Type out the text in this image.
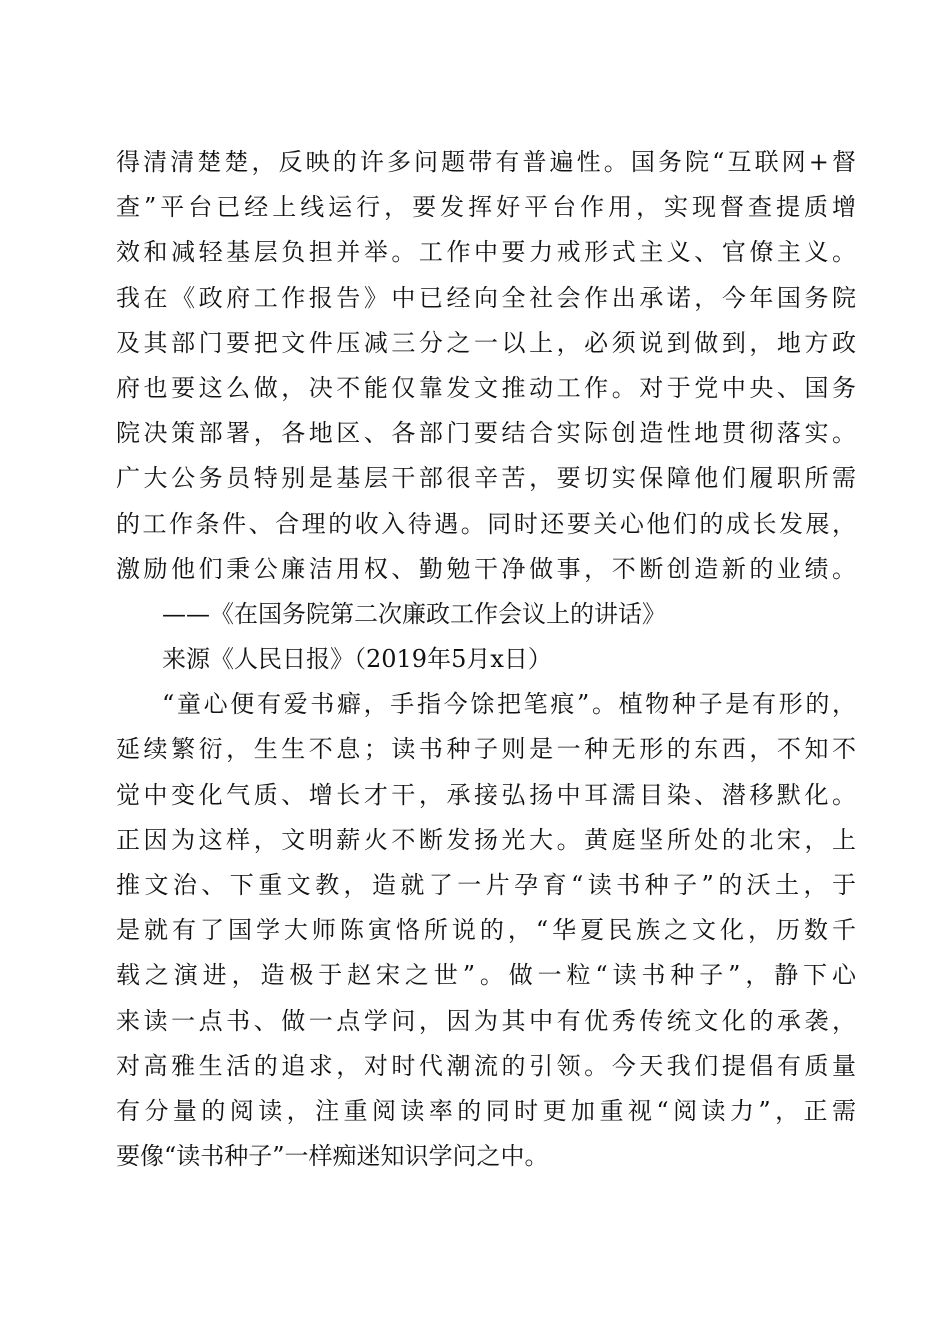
得清清楚楚，反映的许多问题带有普遍性。国务院“互联网+督
查”平台已经上线运行，要发挥好平台作用，实现督查提质增
效和减轻基层负担并举。工作中要力戒形式主义、官僚主义。
我在《政府工作报告》中已经向全社会作出承诺，今年国务院
及其部门要把文件压减三分之一以上，必须说到做到，地方政
府也要这么做，决不能仅靠发文推动工作。对于党中央、国务
院决策部署，各地区、各部门要结合实际创造性地贯彻落实。
广大公务员特别是基层干部很辛苦，要切实保障他们履职所需
的工作条件、合理的收入待遇。同时还要关心他们的成长发展，
激励他们秉公廉洁用权、勤勉干净做事，不断创造新的业绩。
——《在国务院第二次廉政工作会议上的讲话》
来源《人民日报》（2019年5月x日）
“童心便有爱书癖，手指今馀把笔痕”。植物种子是有形的，
延续繁衍，生生不息；读书种子则是一种无形的东西，不知不
觉中变化气质、增长才干，承接弘扬中耳濡目染、潜移默化。
正因为这样，文明薪火不断发扬光大。黄庭坚所处的北宋，上
推文治、下重文教，造就了一片孕育“读书种子”的沃土，于
是就有了国学大师陈寅恪所说的，“华夏民族之文化，历数千
载之演进，造极于赵宋之世”。做一粒“读书种子”，静下心
来读一点书、做一点学问，因为其中有优秀传统文化的承袭，
对高雅生活的追求，对时代潮流的引领。今天我们提倡有质量
有分量的阅读，注重阅读率的同时更加重视“阅读力”，正需
要像“读书种子”一样痴迷知识学问之中。
